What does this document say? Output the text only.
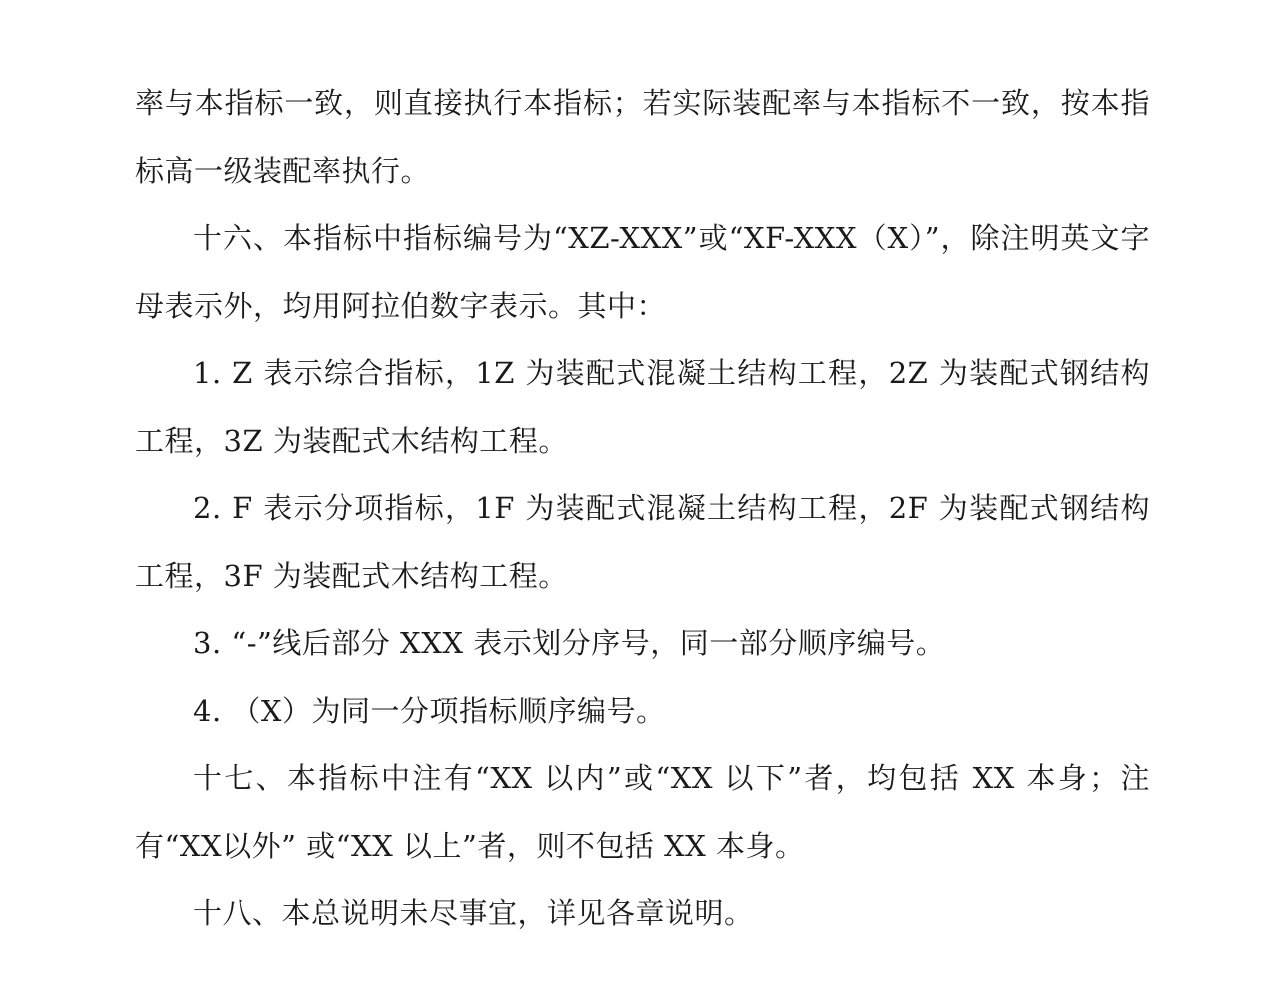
率与本指标一致，则直接执行本指标；若实际装配率与本指标不一致，按本指标高一级装配率执行。

十六、本指标中指标编号为“XZ-XXX”或“XF-XXX（X）”，除注明英文字母表示外，均用阿拉伯数字表示。其中：

1. Z 表示综合指标，1Z 为装配式混凝土结构工程，2Z 为装配式钢结构工程，3Z 为装配式木结构工程。

2. F 表示分项指标，1F 为装配式混凝土结构工程，2F 为装配式钢结构工程，3F 为装配式木结构工程。

3. “-”线后部分 XXX 表示划分序号，同一部分顺序编号。

4. （X）为同一分项指标顺序编号。

十七、本指标中注有“XX 以内”或“XX 以下”者，均包括 XX 本身；注有“XX以外” 或“XX 以上”者，则不包括 XX 本身。

十八、本总说明未尽事宜，详见各章说明。
